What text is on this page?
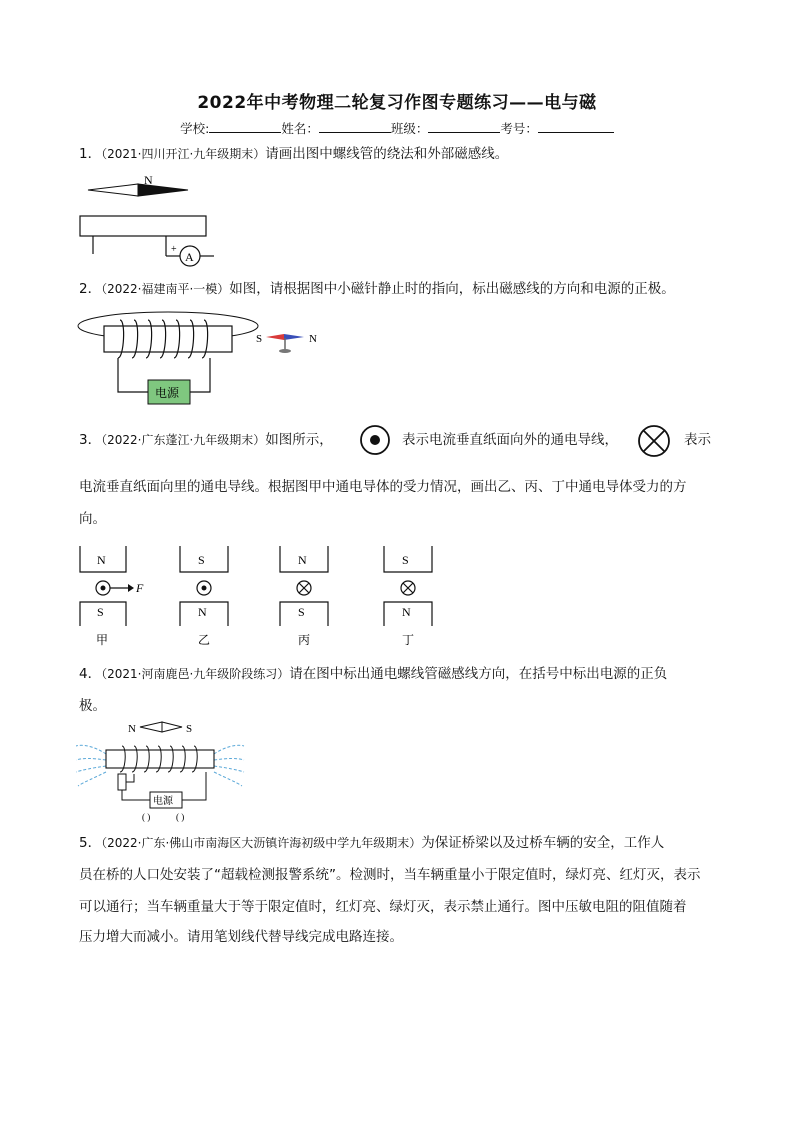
2022年中考物理二轮复习作图专题练习——电与磁
学校:	姓名：	班级：	考号：
1．（2021·四川开江·九年级期末）请画出图中螺线管的绕法和外部磁感线。
N
+
A
2．（2022·福建南平·一模）如图，请根据图中小磁针静止时的指向，标出磁感线的方向和电源的正极。
电源
S	N
3．（2022·广东蓬江·九年级期末）如图所示，	表示电流垂直纸面向外的通电导线，	表示
电流垂直纸面向里的通电导线。根据图甲中通电导体的受力情况，画出乙、丙、丁中通电导体受力的方
向。
N
F
S
甲
S
N
乙
N
S
丙
S
N
丁
4．（2021·河南鹿邑·九年级阶段练习）请在图中标出通电螺线管磁感线方向，在括号中标出电源的正负
极。
N	S
电源
( )	( )
5．（2022·广东·佛山市南海区大沥镇许海初级中学九年级期末）为保证桥梁以及过桥车辆的安全，工作人
员在桥的人口处安装了“超载检测报警系统”。检测时，当车辆重量小于限定值时，绿灯亮、红灯灭，表示
可以通行；当车辆重量大于等于限定值时，红灯亮、绿灯灭，表示禁止通行。图中压敏电阻的阻值随着
压力增大而减小。请用笔划线代替导线完成电路连接。
